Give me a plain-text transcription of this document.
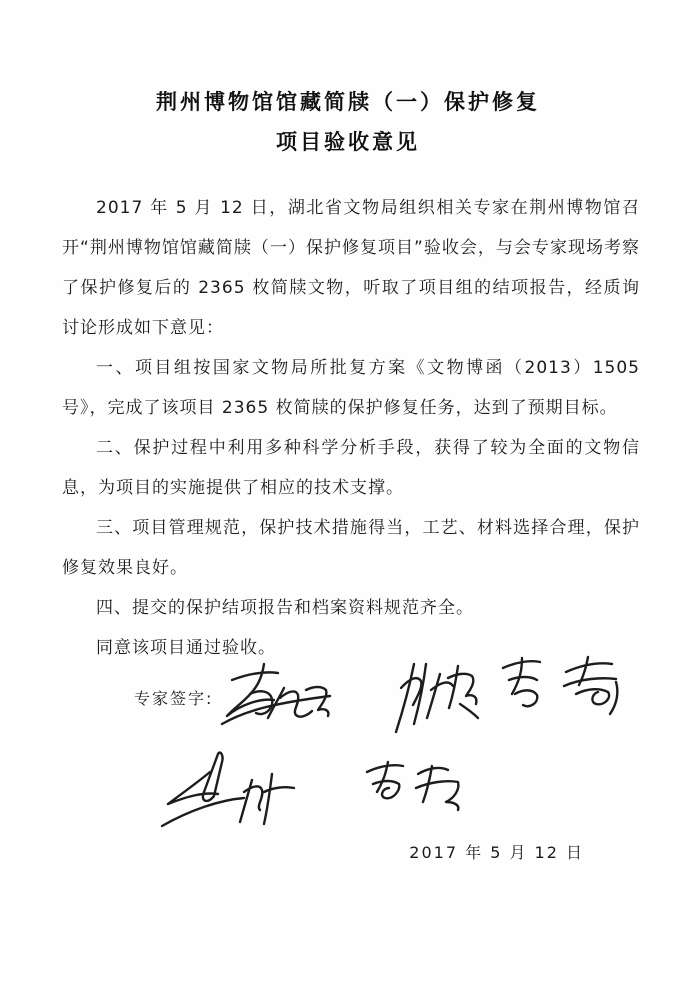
荆州博物馆馆藏简牍（一）保护修复
项目验收意见

2017 年 5 月 12 日，湖北省文物局组织相关专家在荆州博物馆召开“荆州博物馆馆藏简牍（一）保护修复项目”验收会，与会专家现场考察了保护修复后的 2365 枚简牍文物，听取了项目组的结项报告，经质询讨论形成如下意见：

一、项目组按国家文物局所批复方案《文物博函（2013）1505 号》，完成了该项目 2365 枚简牍的保护修复任务，达到了预期目标。

二、保护过程中利用多种科学分析手段，获得了较为全面的文物信息，为项目的实施提供了相应的技术支撑。

三、项目管理规范，保护技术措施得当，工艺、材料选择合理，保护修复效果良好。

四、提交的保护结项报告和档案资料规范齐全。

同意该项目通过验收。

专家签字:
2017 年 5 月 12 日
